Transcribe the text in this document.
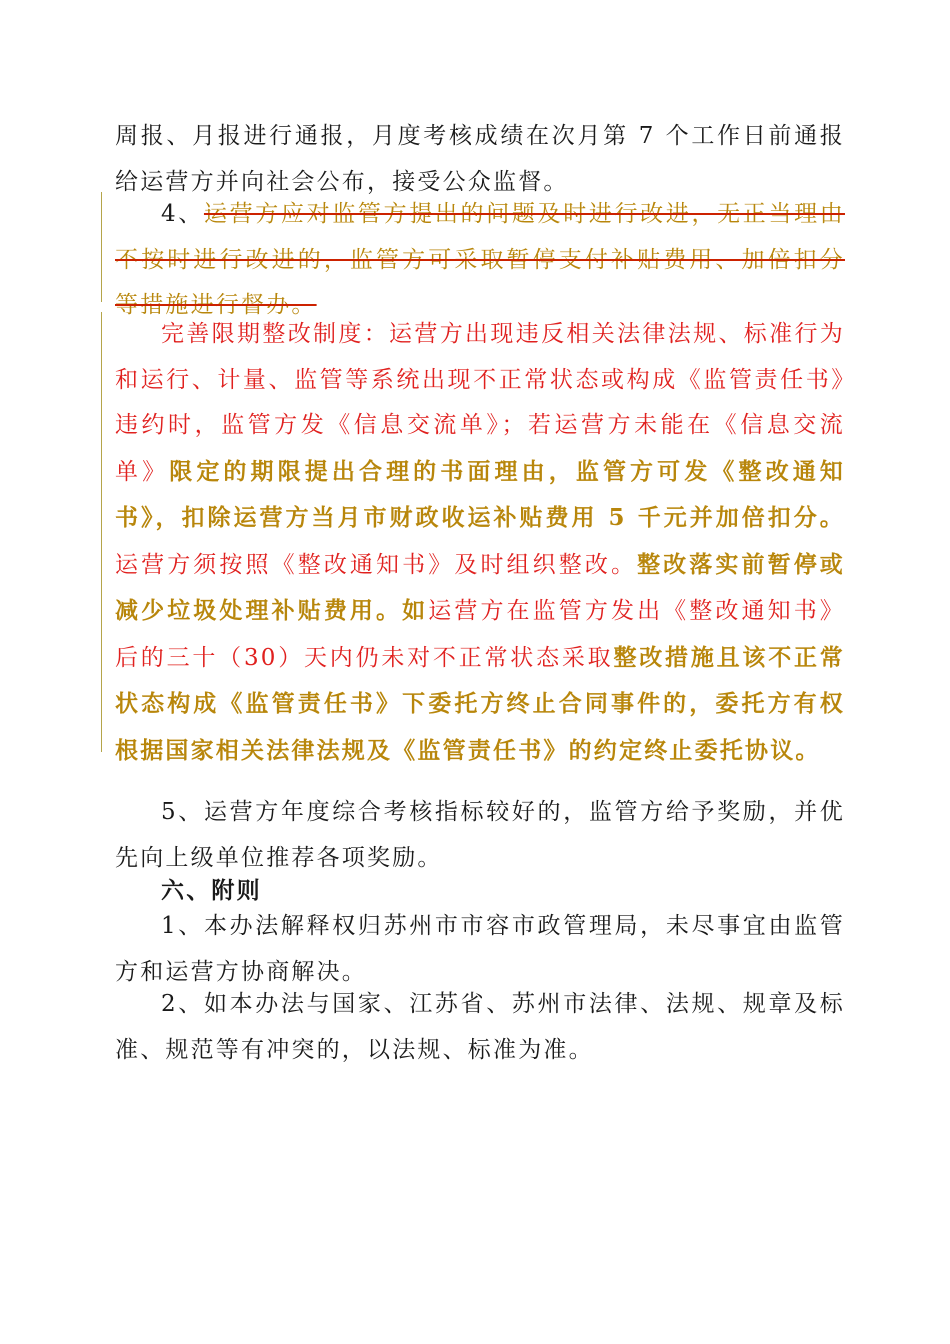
周报、月报进行通报，月度考核成绩在次月第 7 个工作日前通报给运营方并向社会公布，接受公众监督。

4、运营方应对监管方提出的问题及时进行改进，无正当理由不按时进行改进的，监管方可采取暂停支付补贴费用、加倍扣分等措施进行督办。

完善限期整改制度：运营方出现违反相关法律法规、标准行为和运行、计量、监管等系统出现不正常状态或构成《监管责任书》违约时，监管方发《信息交流单》；若运营方未能在《信息交流单》限定的期限提出合理的书面理由，监管方可发《整改通知书》，扣除运营方当月市财政收运补贴费用 5 千元并加倍扣分。运营方须按照《整改通知书》及时组织整改。整改落实前暂停或减少垃圾处理补贴费用。如运营方在监管方发出《整改通知书》后的三十（30）天内仍未对不正常状态采取整改措施且该不正常状态构成《监管责任书》下委托方终止合同事件的，委托方有权根据国家相关法律法规及《监管责任书》的约定终止委托协议。

5、运营方年度综合考核指标较好的，监管方给予奖励，并优先向上级单位推荐各项奖励。

六、附则

1、本办法解释权归苏州市市容市政管理局，未尽事宜由监管方和运营方协商解决。

2、如本办法与国家、江苏省、苏州市法律、法规、规章及标准、规范等有冲突的，以法规、标准为准。
